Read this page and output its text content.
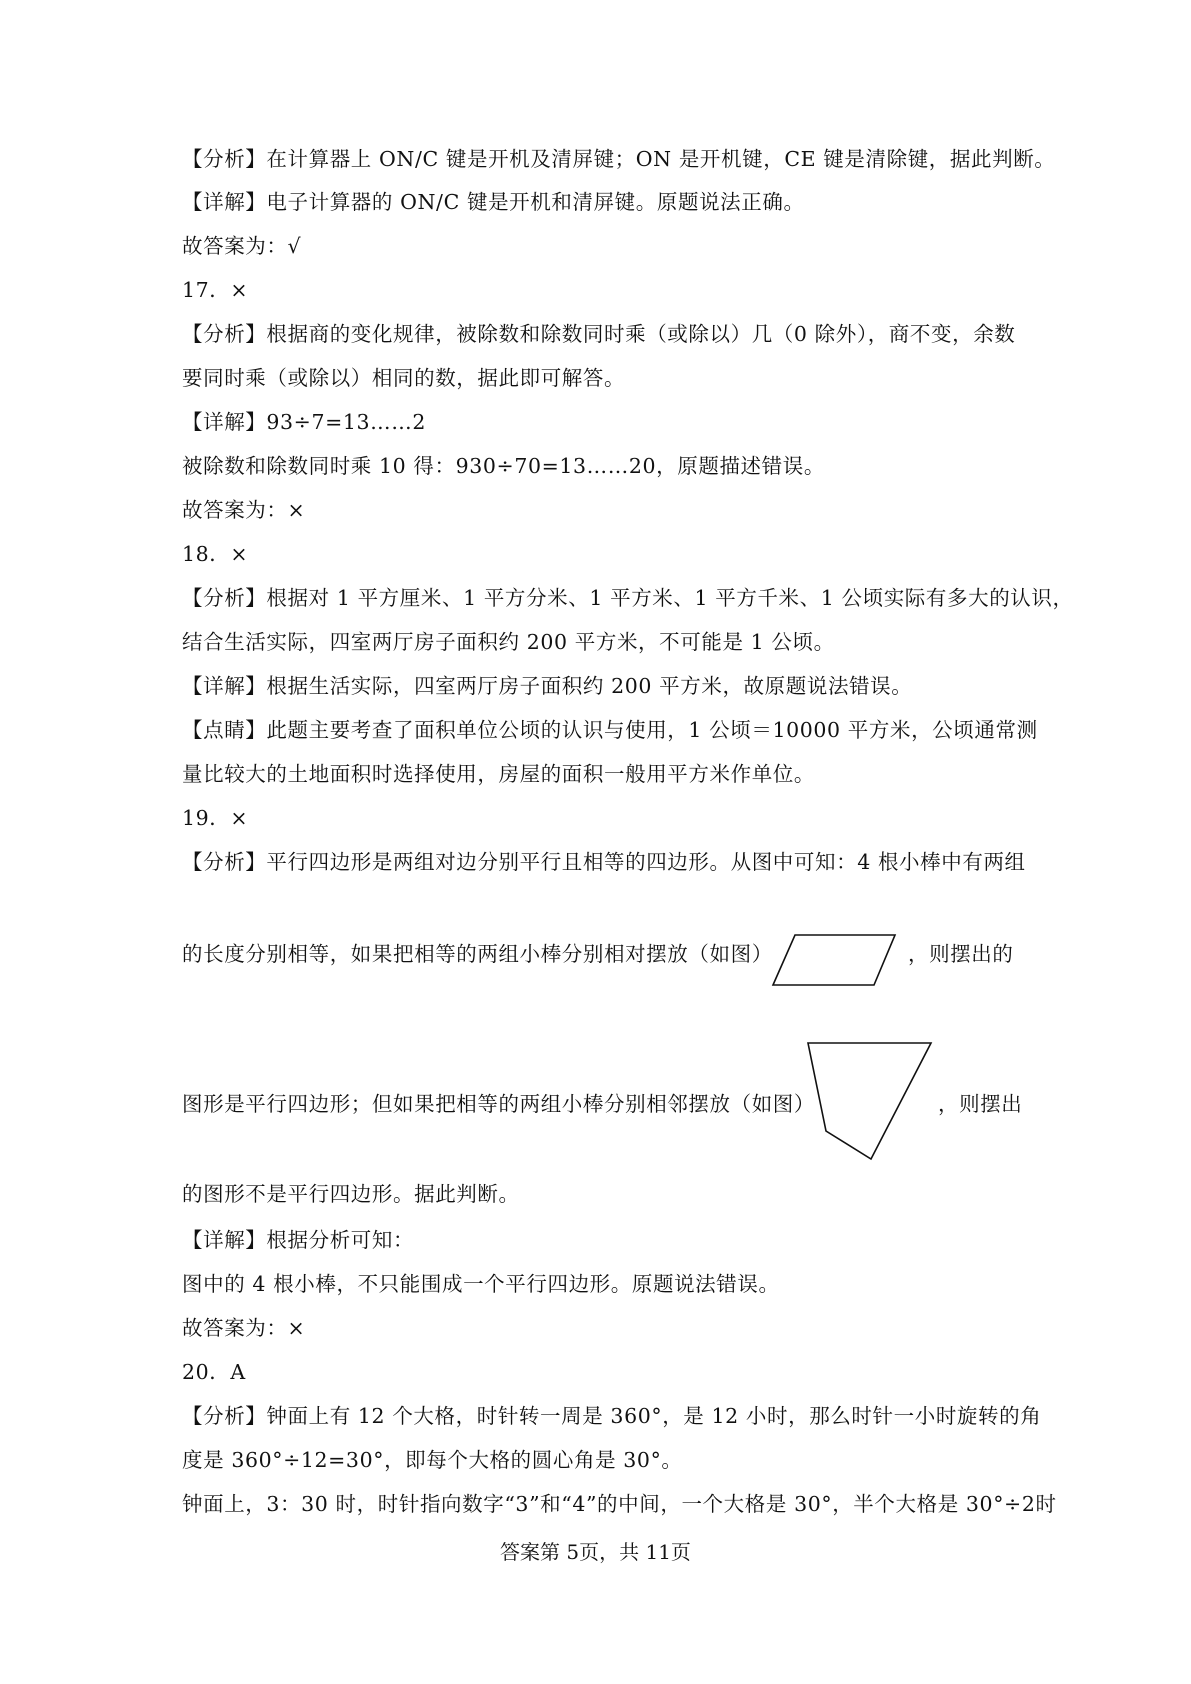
【分析】在计算器上 ON/C 键是开机及清屏键；ON 是开机键，CE 键是清除键，据此判断。
【详解】电子计算器的 ON/C 键是开机和清屏键。原题说法正确。
故答案为：√
17．×
【分析】根据商的变化规律，被除数和除数同时乘（或除以）几（0 除外），商不变，余数
要同时乘（或除以）相同的数，据此即可解答。
【详解】93÷7=13……2
被除数和除数同时乘 10 得：930÷70=13……20，原题描述错误。
故答案为：×
18．×
【分析】根据对 1 平方厘米、1 平方分米、1 平方米、1 平方千米、1 公顷实际有多大的认识，
结合生活实际，四室两厅房子面积约 200 平方米，不可能是 1 公顷。
【详解】根据生活实际，四室两厅房子面积约 200 平方米，故原题说法错误。
【点睛】此题主要考查了面积单位公顷的认识与使用，1 公顷＝10000 平方米，公顷通常测
量比较大的土地面积时选择使用，房屋的面积一般用平方米作单位。
19．×
【分析】平行四边形是两组对边分别平行且相等的四边形。从图中可知：4 根小棒中有两组
的长度分别相等，如果把相等的两组小棒分别相对摆放（如图）	，则摆出的
图形是平行四边形；但如果把相等的两组小棒分别相邻摆放（如图）	，则摆出
的图形不是平行四边形。据此判断。
【详解】根据分析可知：
图中的 4 根小棒，不只能围成一个平行四边形。原题说法错误。
故答案为：×
20．A
【分析】钟面上有 12 个大格，时针转一周是 360°，是 12 小时，那么时针一小时旋转的角
度是 360°÷12=30°，即每个大格的圆心角是 30°。
钟面上，3：30 时，时针指向数字“3”和“4”的中间，一个大格是 30°，半个大格是 30°÷2时
答案第 5页，共 11页
